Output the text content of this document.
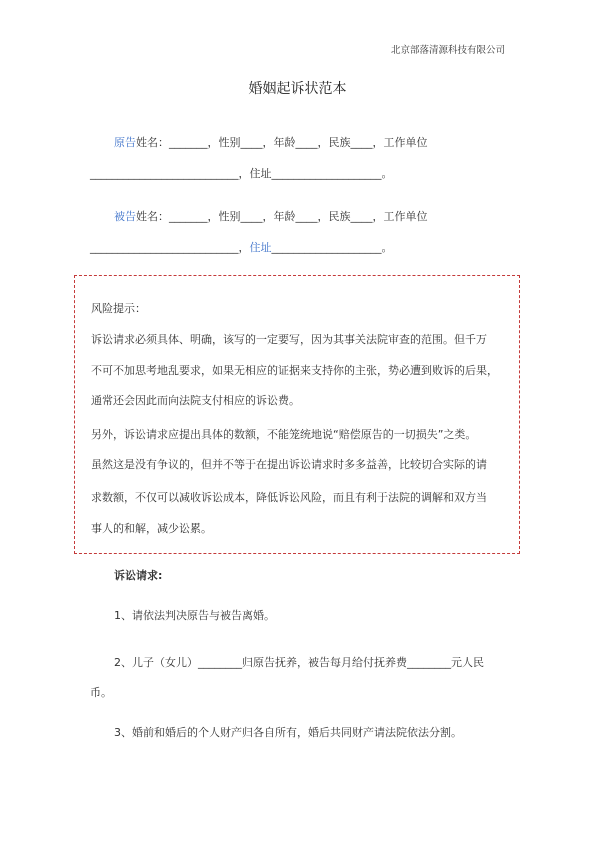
北京部落清源科技有限公司
婚姻起诉状范本
原告姓名：_______，性别____，年龄____，民族____，工作单位
___________________________，住址____________________。
被告姓名：_______，性别____，年龄____，民族____，工作单位
___________________________，住址____________________。
风险提示：
诉讼请求必须具体、明确，该写的一定要写，因为其事关法院审查的范围。但千万
不可不加思考地乱要求，如果无相应的证据来支持你的主张，势必遭到败诉的后果，
通常还会因此而向法院支付相应的诉讼费。
另外，诉讼请求应提出具体的数额，不能笼统地说“赔偿原告的一切损失”之类。
虽然这是没有争议的，但并不等于在提出诉讼请求时多多益善，比较切合实际的请
求数额，不仅可以减收诉讼成本，降低诉讼风险，而且有利于法院的调解和双方当
事人的和解，减少讼累。
诉讼请求:
1、请依法判决原告与被告离婚。
2、儿子（女儿）________归原告抚养，被告每月给付抚养费________元人民
币。
3、婚前和婚后的个人财产归各自所有，婚后共同财产请法院依法分割。
